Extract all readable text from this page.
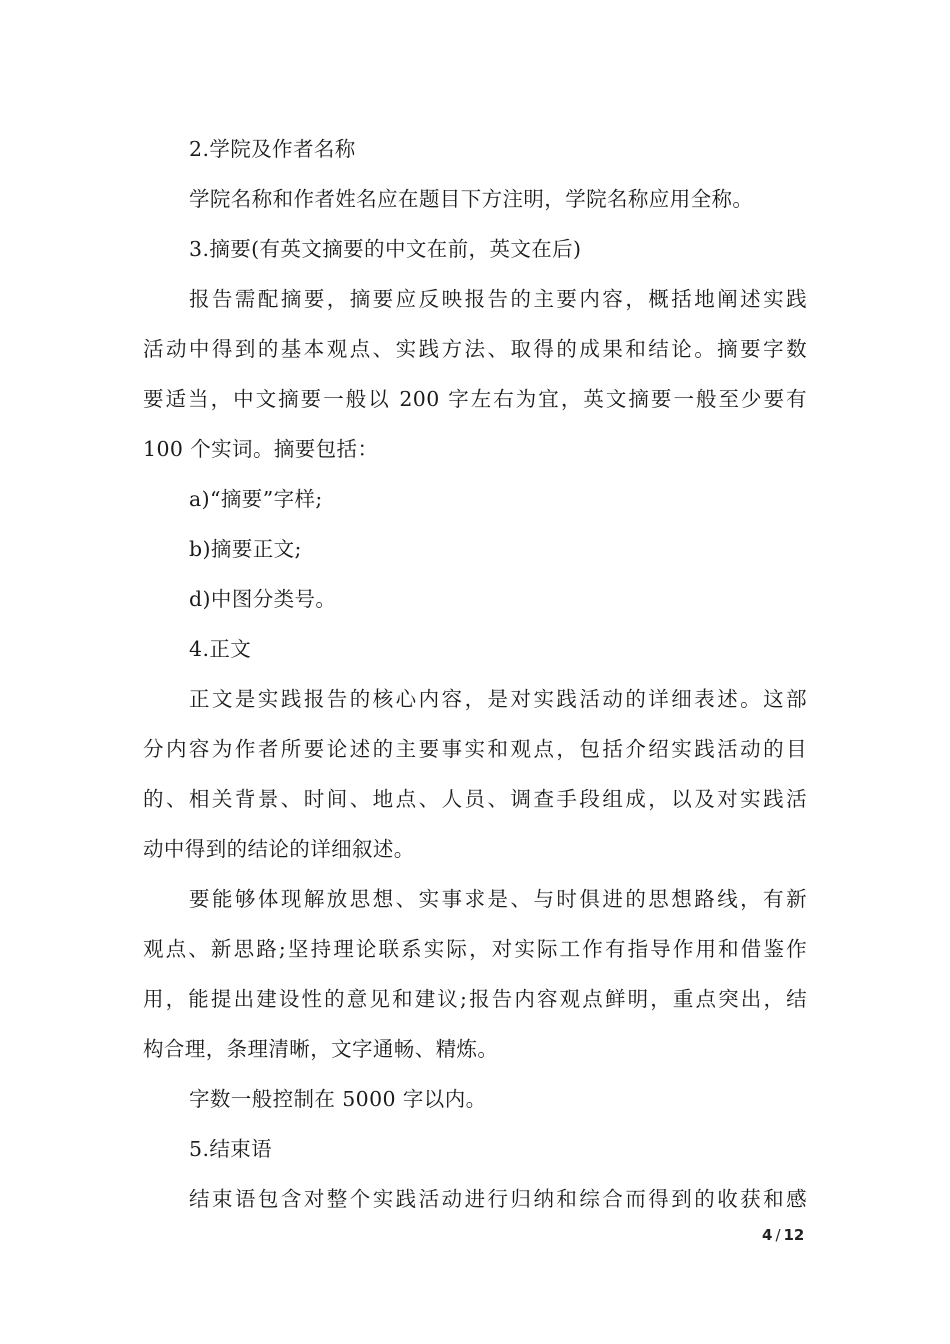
2.学院及作者名称
学院名称和作者姓名应在题目下方注明，学院名称应用全称。
3.摘要(有英文摘要的中文在前，英文在后)
报告需配摘要，摘要应反映报告的主要内容，概括地阐述实践
活动中得到的基本观点、实践方法、取得的成果和结论。摘要字数
要适当，中文摘要一般以 200 字左右为宜，英文摘要一般至少要有
100 个实词。摘要包括：
a)“摘要”字样;
b)摘要正文;
d)中图分类号。
4.正文
正文是实践报告的核心内容，是对实践活动的详细表述。这部
分内容为作者所要论述的主要事实和观点，包括介绍实践活动的目
的、相关背景、时间、地点、人员、调查手段组成，以及对实践活
动中得到的结论的详细叙述。
要能够体现解放思想、实事求是、与时俱进的思想路线，有新
观点、新思路;坚持理论联系实际，对实际工作有指导作用和借鉴作
用，能提出建设性的意见和建议;报告内容观点鲜明，重点突出，结
构合理，条理清晰，文字通畅、精炼。
字数一般控制在 5000 字以内。
5.结束语
结束语包含对整个实践活动进行归纳和综合而得到的收获和感
4 / 12
